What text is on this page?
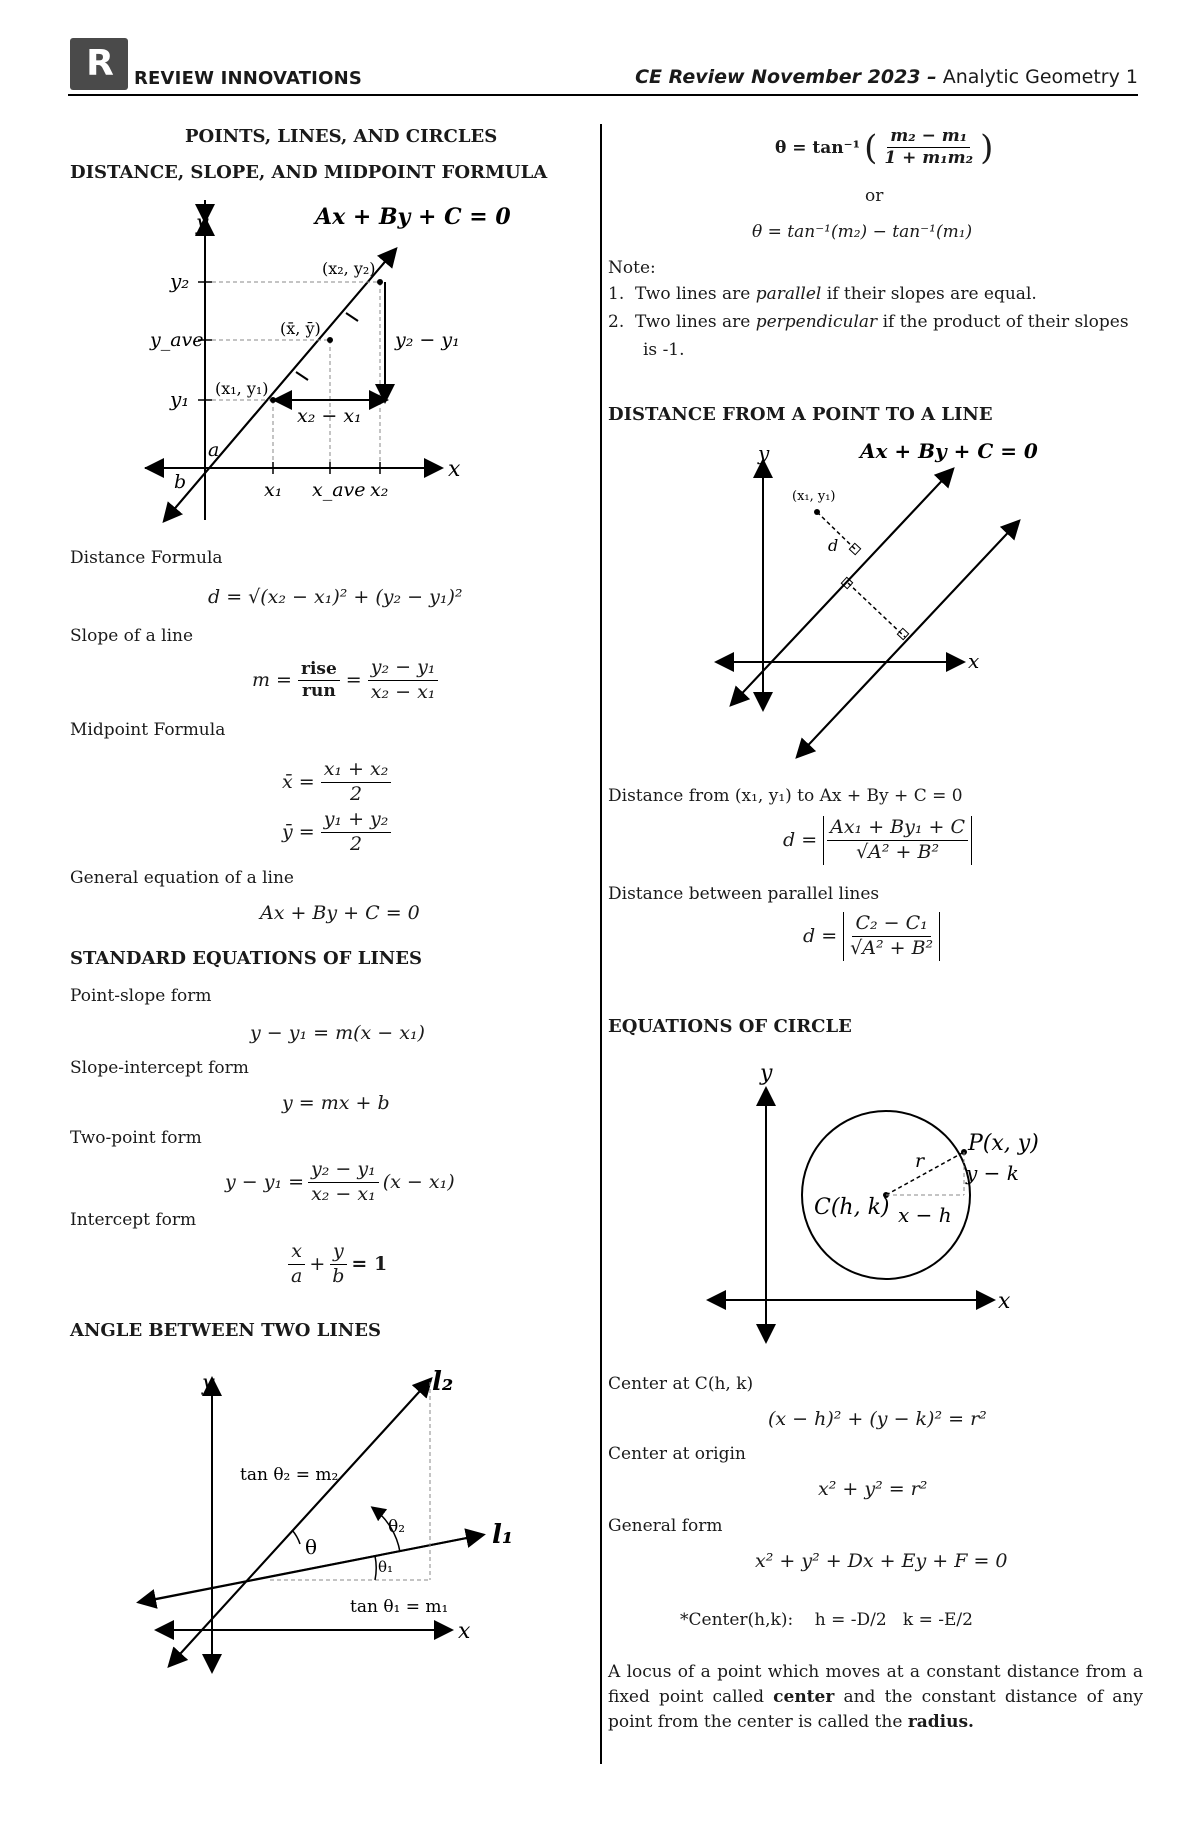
R REVIEW INNOVATIONS	CE Review November 2023 – Analytic Geometry 1
POINTS, LINES, AND CIRCLES
DISTANCE, SLOPE, AND MIDPOINT FORMULA
y
x
Ax + By + C = 0
y₂
y_ave
y₁
a
b	x₁ x_ave x₂
(x₂, y₂)
(x̄, ȳ)
(x₁, y₁)
y₂ − y₁
x₂ − x₁
Distance Formula
d = √(x₂ − x₁)² + (y₂ − y₁)²
Slope of a line
$m = \frac{\text{rise}}{\text{run}} = \frac{\text{y₂ − y₁}}{\text{x₂ − x₁}}$
Midpoint Formula
x̄ = $\frac{\text{x₁ + x₂}}{2}$
ȳ = $\frac{\text{y₁ + y₂}}{2}$
General equation of a line
Ax + By + C = 0
STANDARD EQUATIONS OF LINES
Point-slope form
y − y₁ = m(x − x₁)
Slope-intercept form
y = mx + b
Two-point form
$y - y_1 = \frac{\text{y₂ − y₁}}{\text{x₂ − x₁}} (x - x_1)$
Intercept form
$\frac{x}{a} + \frac{y}{b} = 1$
ANGLE BETWEEN TWO LINES
tan θ₂ = m₂
tan θ₁ = m₁
y
x
l₂
l₁
θ
θ₂
θ₁
θ = tan⁻¹ ( $\frac{\text{m₂ − m₁}}{\text{1 + m₁m₂}}$ )
or
θ = tan⁻¹(m₂) − tan⁻¹(m₁)
Note:
1. Two lines are parallel if their slopes are equal.
2. Two lines are perpendicular if the product of their slopes
is -1.
DISTANCE FROM A POINT TO A LINE
y
x
Ax + By + C = 0
(x₁, y₁)
d
Distance from (x₁, y₁) to Ax + By + C = 0
$d = \frac{\text{Ax₁ + By₁ + C}}{\text{√A² + B²}}$
Distance between parallel lines
$d = \frac{\text{C₂ − C₁}}{\text{√A² + B²}}$
EQUATIONS OF CIRCLE
y
x
P(x, y)
C(h, k)
r y − k
x − h
Center at C(h, k)
(x − h)² + (y − k)² = r²
Center at origin
x² + y² = r²
General form
x² + y² + Dx + Ey + F = 0
*Center(h,k):    h = -D/2   k = -E/2
A locus of a point which moves at a constant distance from a fixed point called center and the constant distance of any point from the center is called the radius.
